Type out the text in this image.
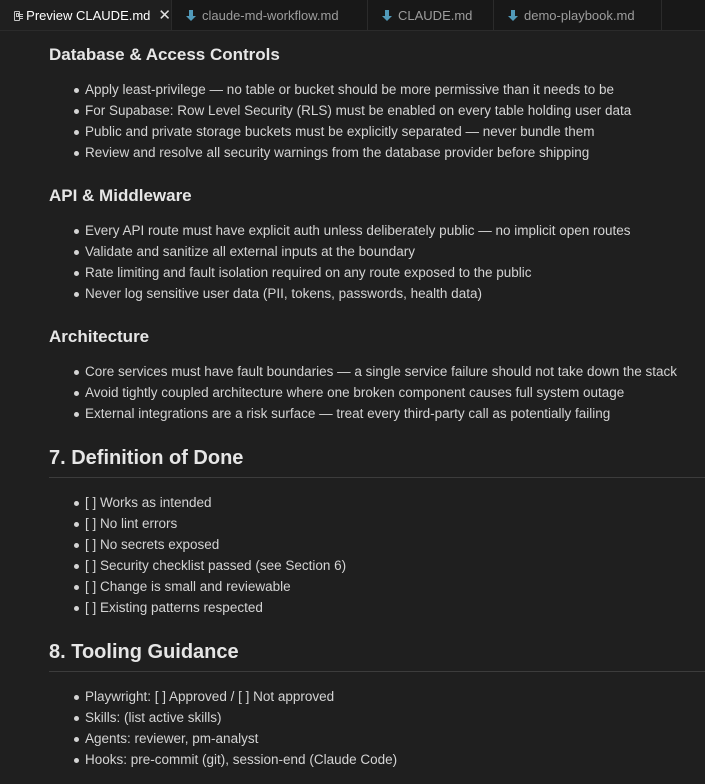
Preview CLAUDE.md ✕ claude-md-workflow.md	CLAUDE.md	demo-playbook.md
Database & Access Controls
Apply least-privilege — no table or bucket should be more permissive than it needs to be
For Supabase: Row Level Security (RLS) must be enabled on every table holding user data
Public and private storage buckets must be explicitly separated — never bundle them
Review and resolve all security warnings from the database provider before shipping
API & Middleware
Every API route must have explicit auth unless deliberately public — no implicit open routes
Validate and sanitize all external inputs at the boundary
Rate limiting and fault isolation required on any route exposed to the public
Never log sensitive user data (PII, tokens, passwords, health data)
Architecture
Core services must have fault boundaries — a single service failure should not take down the stack
Avoid tightly coupled architecture where one broken component causes full system outage
External integrations are a risk surface — treat every third-party call as potentially failing
7. Definition of Done
[ ] Works as intended
[ ] No lint errors
[ ] No secrets exposed
[ ] Security checklist passed (see Section 6)
[ ] Change is small and reviewable
[ ] Existing patterns respected
8. Tooling Guidance
Playwright: [ ] Approved / [ ] Not approved
Skills: (list active skills)
Agents: reviewer, pm-analyst
Hooks: pre-commit (git), session-end (Claude Code)
